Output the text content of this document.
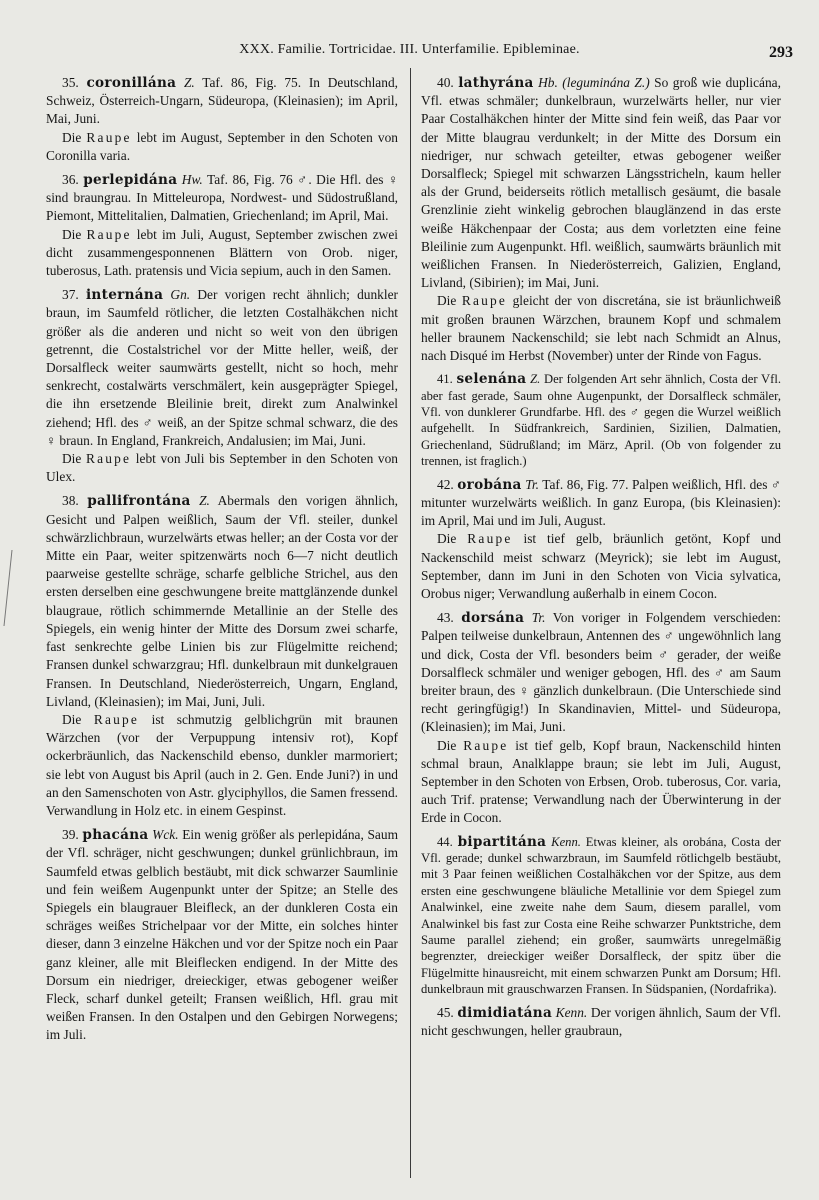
XXX. Familie. Tortricidae. III. Unterfamilie. Epibleminae.	293

35. coronillána Z. Taf. 86, Fig. 75. In Deutschland, Schweiz, Österreich-Ungarn, Südeuropa, (Kleinasien); im April, Mai, Juni.

Die Raupe lebt im August, September in den Schoten von Coronilla varia.

36. perlepidána Hw. Taf. 86, Fig. 76 ♂. Die Hfl. des ♀ sind braungrau. In Mitteleuropa, Nordwest- und Südostrußland, Piemont, Mittelitalien, Dalmatien, Griechenland; im April, Mai.

Die Raupe lebt im Juli, August, September zwischen zwei dicht zusammengesponnenen Blättern von Orob. niger, tuberosus, Lath. pratensis und Vicia sepium, auch in den Samen.

37. internána Gn. Der vorigen recht ähnlich; dunkler braun, im Saumfeld rötlicher, die letzten Costalhäkchen nicht größer als die anderen und nicht so weit von den übrigen getrennt, die Costalstrichel vor der Mitte heller, weiß, der Dorsalfleck weiter saumwärts gestellt, nicht so hoch, mehr senkrecht, costalwärts verschmälert, kein ausgeprägter Spiegel, die ihn ersetzende Bleilinie breit, direkt zum Analwinkel ziehend; Hfl. des ♂ weiß, an der Spitze schmal schwarz, die des ♀ braun. In England, Frankreich, Andalusien; im Mai, Juni.

Die Raupe lebt von Juli bis September in den Schoten von Ulex.

38. pallifrontána Z. Abermals den vorigen ähnlich, Gesicht und Palpen weißlich, Saum der Vfl. steiler, dunkel schwärzlichbraun, wurzelwärts etwas heller; an der Costa vor der Mitte ein Paar, weiter spitzenwärts noch 6—7 nicht deutlich paarweise gestellte schräge, scharfe gelbliche Strichel, aus den ersten derselben eine geschwungene breite mattglänzende dunkel blaugraue, rötlich schimmernde Metallinie an der Stelle des Spiegels, ein wenig hinter der Mitte des Dorsum zwei scharfe, fast senkrechte gelbe Linien bis zur Flügelmitte reichend; Fransen dunkel schwarzgrau; Hfl. dunkelbraun mit dunkelgrauen Fransen. In Deutschland, Niederösterreich, Ungarn, England, Livland, (Kleinasien); im Mai, Juni, Juli.

Die Raupe ist schmutzig gelblichgrün mit braunen Wärzchen (vor der Verpuppung intensiv rot), Kopf ockerbräunlich, das Nackenschild ebenso, dunkler marmoriert; sie lebt von August bis April (auch in 2. Gen. Ende Juni?) in und an den Samenschoten von Astr. glyciphyllos, die Samen fressend. Verwandlung in Holz etc. in einem Gespinst.

39. phacána Wck. Ein wenig größer als perlepidána, Saum der Vfl. schräger, nicht geschwungen; dunkel grünlichbraun, im Saumfeld etwas gelblich bestäubt, mit dick schwarzer Saumlinie und fein weißem Augenpunkt unter der Spitze; an Stelle des Spiegels ein blaugrauer Bleifleck, an der dunkleren Costa ein schräges weißes Strichelpaar vor der Mitte, ein solches hinter dieser, dann 3 einzelne Häkchen und vor der Spitze noch ein Paar ganz kleiner, alle mit Bleiflecken endigend. In der Mitte des Dorsum ein niedriger, dreieckiger, etwas gebogener weißer Fleck, scharf dunkel geteilt; Fransen weißlich, Hfl. grau mit weißen Fransen. In den Ostalpen und den Gebirgen Norwegens; im Juli.

40. lathyrána Hb. (leguminána Z.) So groß wie duplicána, Vfl. etwas schmäler; dunkelbraun, wurzelwärts heller, nur vier Paar Costalhäkchen hinter der Mitte sind fein weiß, das Paar vor der Mitte blaugrau verdunkelt; in der Mitte des Dorsum ein niedriger, nur schwach geteilter, etwas gebogener weißer Dorsalfleck; Spiegel mit schwarzen Längsstricheln, kaum heller als der Grund, beiderseits rötlich metallisch gesäumt, die basale Grenzlinie zieht winkelig gebrochen blauglänzend in das erste weiße Häkchenpaar der Costa; aus dem vorletzten eine feine Bleilinie zum Augenpunkt. Hfl. weißlich, saumwärts bräunlich mit weißlichen Fransen. In Niederösterreich, Galizien, England, Livland, (Sibirien); im Mai, Juni.

Die Raupe gleicht der von discretána, sie ist bräunlichweiß mit großen braunen Wärzchen, braunem Kopf und schmalem heller braunem Nackenschild; sie lebt nach Schmidt an Alnus, nach Disqué im Herbst (November) unter der Rinde von Fagus.

41. selenána Z. Der folgenden Art sehr ähnlich, Costa der Vfl. aber fast gerade, Saum ohne Augenpunkt, der Dorsalfleck schmäler, Vfl. von dunklerer Grundfarbe. Hfl. des ♂ gegen die Wurzel weißlich aufgehellt. In Südfrankreich, Sardinien, Sizilien, Dalmatien, Griechenland, Südrußland; im März, April. (Ob von folgender zu trennen, ist fraglich.)

42. orobána Tr. Taf. 86, Fig. 77. Palpen weißlich, Hfl. des ♂ mitunter wurzelwärts weißlich. In ganz Europa, (bis Kleinasien): im April, Mai und im Juli, August.

Die Raupe ist tief gelb, bräunlich getönt, Kopf und Nackenschild meist schwarz (Meyrick); sie lebt im August, September, dann im Juni in den Schoten von Vicia sylvatica, Orobus niger; Verwandlung außerhalb in einem Cocon.

43. dorsána Tr. Von voriger in Folgendem verschieden: Palpen teilweise dunkelbraun, Antennen des ♂ ungewöhnlich lang und dick, Costa der Vfl. besonders beim ♂ gerader, der weiße Dorsalfleck schmäler und weniger gebogen, Hfl. des ♂ am Saum breiter braun, des ♀ gänzlich dunkelbraun. (Die Unterschiede sind recht geringfügig!) In Skandinavien, Mittel- und Südeuropa, (Kleinasien); im Mai, Juni.

Die Raupe ist tief gelb, Kopf braun, Nackenschild hinten schmal braun, Analklappe braun; sie lebt im Juli, August, September in den Schoten von Erbsen, Orob. tuberosus, Cor. varia, auch Trif. pratense; Verwandlung nach der Überwinterung in der Erde in Cocon.

44. bipartitána Kenn. Etwas kleiner, als orobána, Costa der Vfl. gerade; dunkel schwarzbraun, im Saumfeld rötlichgelb bestäubt, mit 3 Paar feinen weißlichen Costalhäkchen vor der Spitze, aus dem ersten eine geschwungene bläuliche Metallinie vor dem Spiegel zum Analwinkel, eine zweite nahe dem Saum, diesem parallel, vom Analwinkel bis fast zur Costa eine Reihe schwarzer Punktstriche, dem Saume parallel ziehend; ein großer, saumwärts unregelmäßig begrenzter, dreieckiger weißer Dorsalfleck, der spitz über die Flügelmitte hinausreicht, mit einem schwarzen Punkt am Dorsum; Hfl. dunkelbraun mit grauschwarzen Fransen. In Südspanien, (Nordafrika).

45. dimidiatána Kenn. Der vorigen ähnlich, Saum der Vfl. nicht geschwungen, heller graubraun,
